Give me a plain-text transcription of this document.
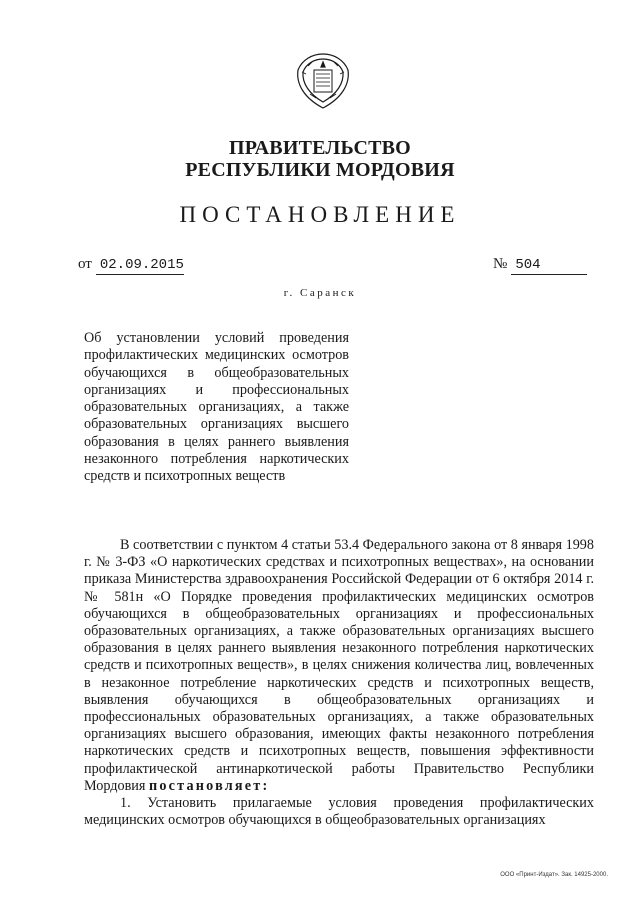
ПРАВИТЕЛЬСТВО
РЕСПУБЛИКИ МОРДОВИЯ
ПОСТАНОВЛЕНИЕ
от 02.09.2015	№ 504
г. Саранск
Об установлении условий проведения профилактических медицинских осмотров обучающихся в общеобразовательных организациях и профессиональных образовательных организациях, а также образовательных организациях высшего образования в целях раннего выявления незаконного потребления наркотических средств и психотропных веществ

В соответствии с пунктом 4 статьи 53.4 Федерального закона от 8 января 1998 г. № 3-ФЗ «О наркотических средствах и психотропных веществах», на основании приказа Министерства здравоохранения Российской Федерации от 6 октября 2014 г. № 581н «О Порядке проведения профилактических медицинских осмотров обучающихся в общеобразовательных организациях и профессиональных образовательных организациях, а также образовательных организациях высшего образования в целях раннего выявления незаконного потребления наркотических средств и психотропных веществ», в целях снижения количества лиц, вовлеченных в незаконное потребление наркотических средств и психотропных веществ, выявления обучающихся в общеобразовательных организациях и профессиональных образовательных организациях, а также образовательных организациях высшего образования, имеющих факты незаконного потребления наркотических средств и психотропных веществ, повышения эффективности профилактической антинаркотической работы Правительство Республики Мордовия постановляет:

1. Установить прилагаемые условия проведения профилактических медицинских осмотров обучающихся в общеобразовательных организациях

ООО «Принт-Издат». Зак. 14925-2000.
